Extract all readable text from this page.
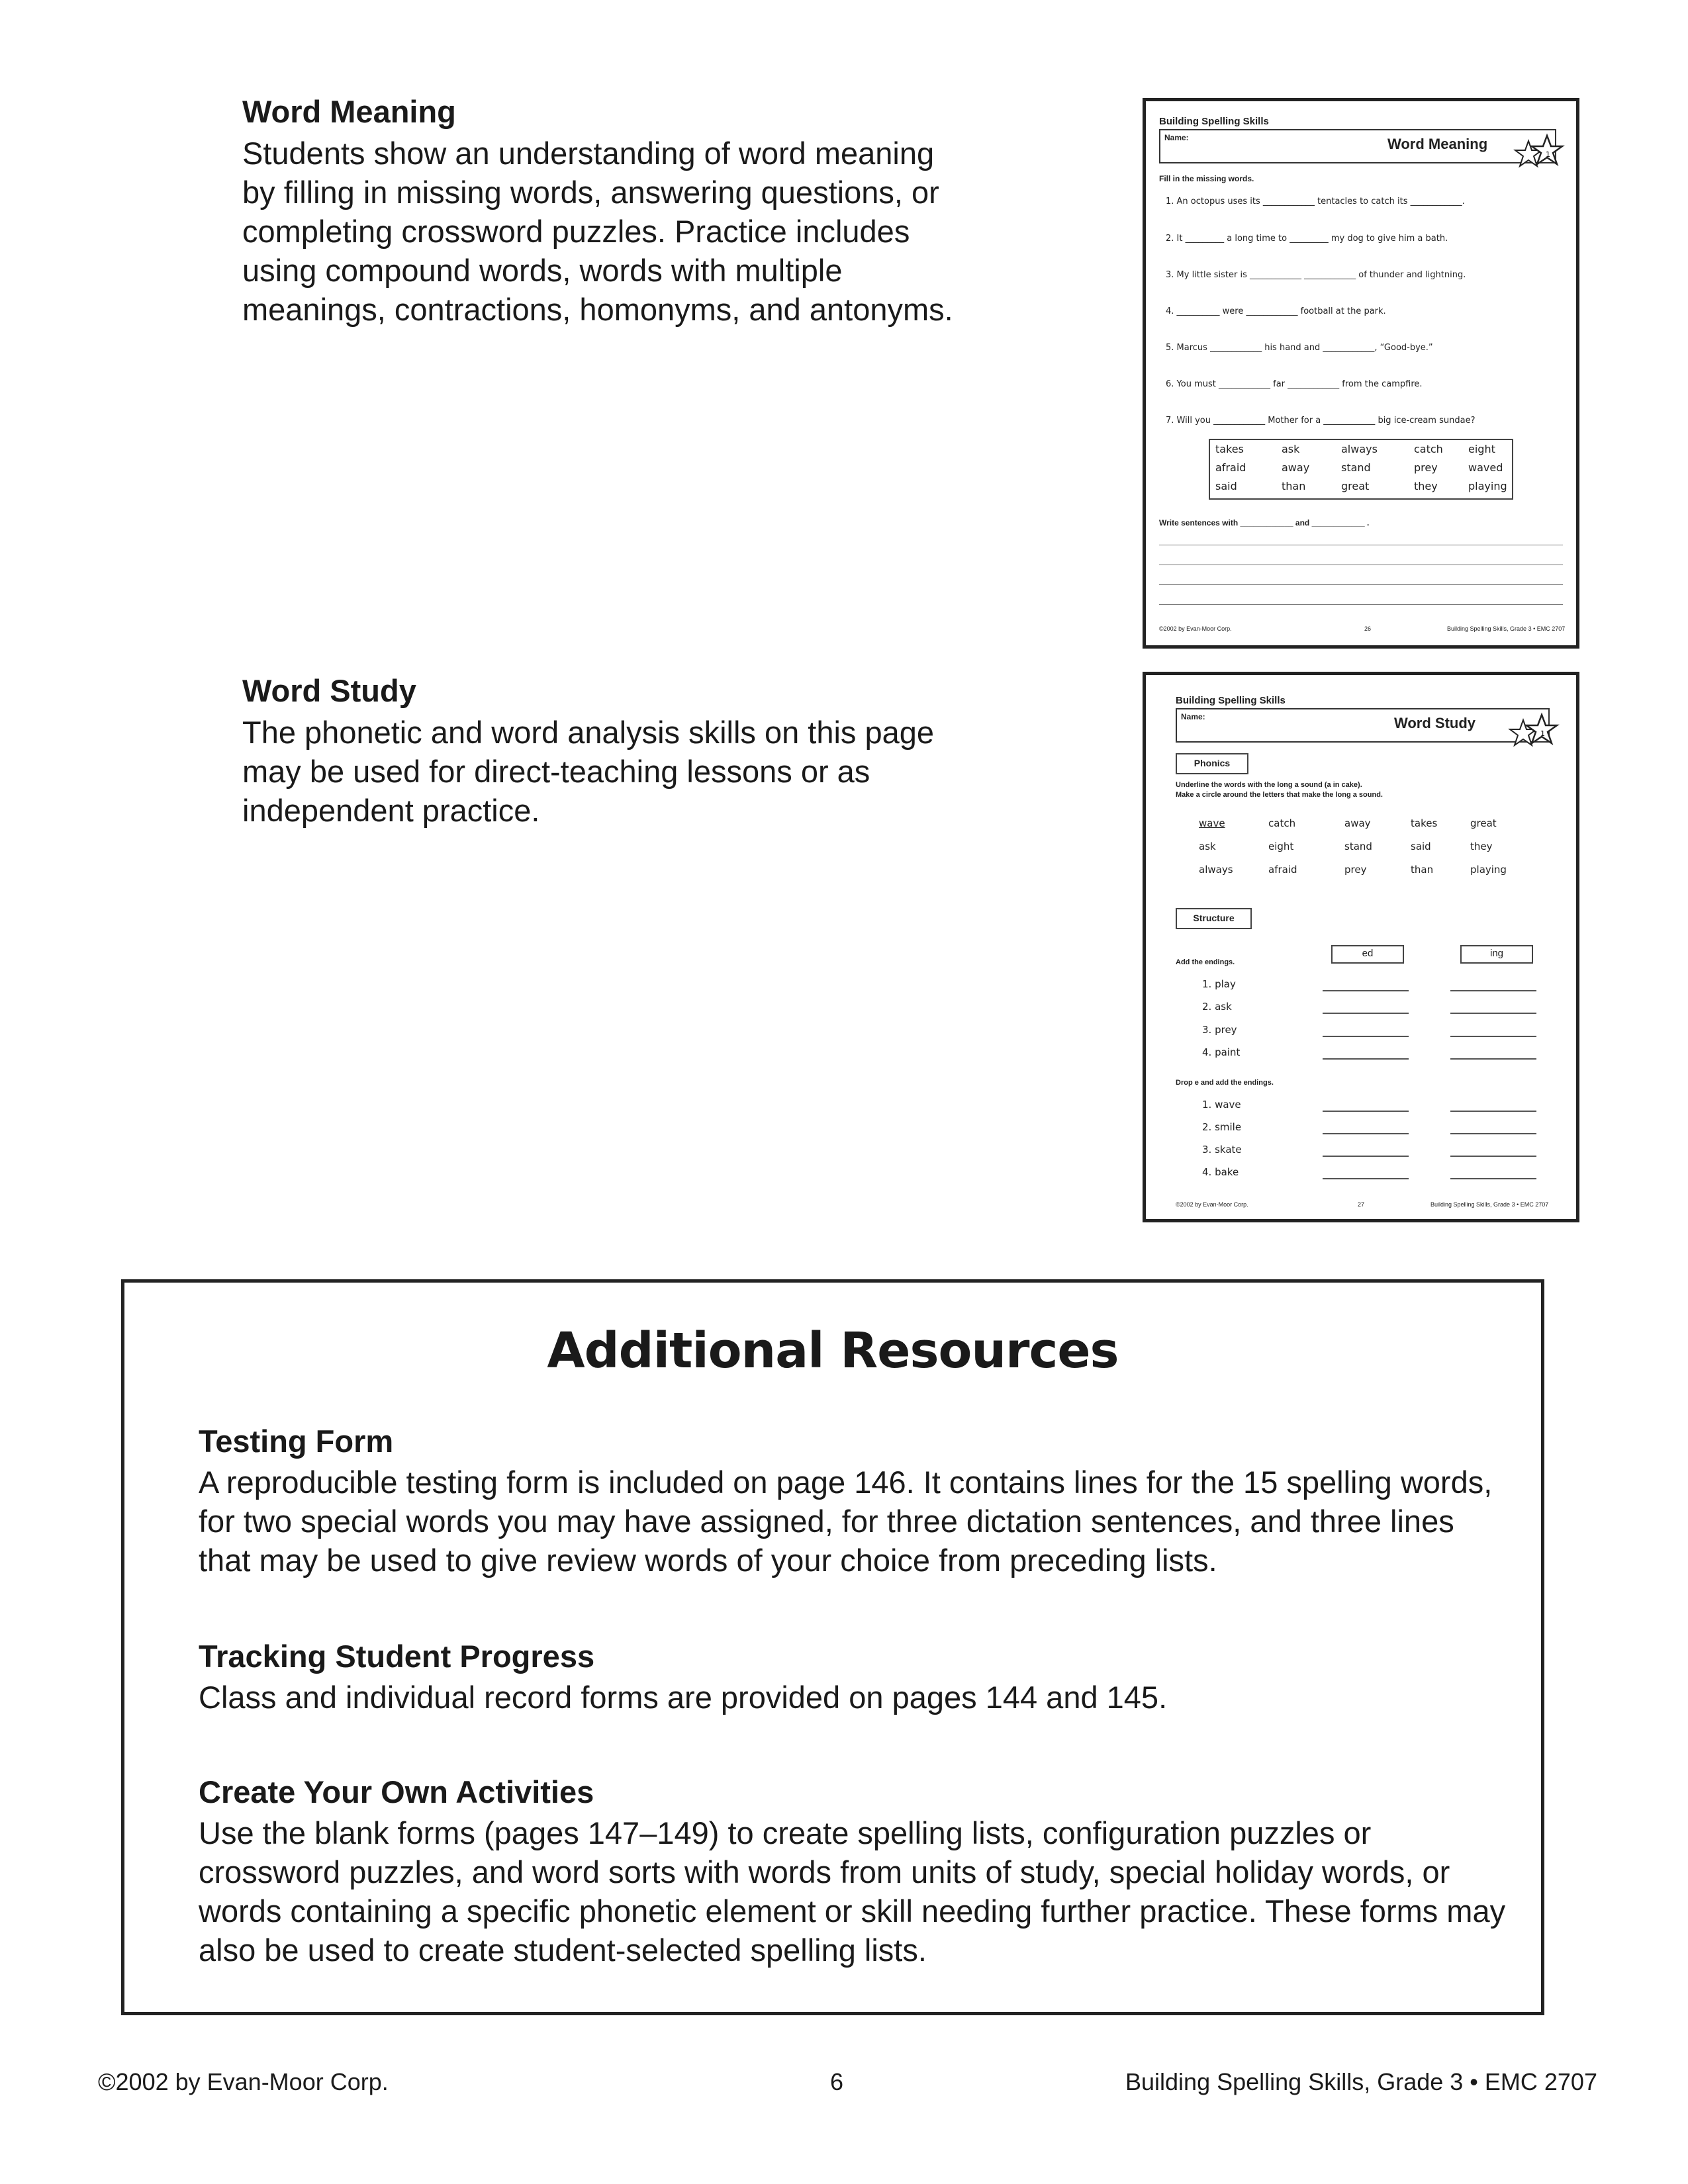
Word Meaning

Students show an understanding of word meaning by filling in missing words, answering questions, or completing crossword puzzles. Practice includes using compound words, words with multiple meanings, contractions, homonyms, and antonyms.

Word Study

The phonetic and word analysis skills on this page may be used for direct-teaching lessons or as independent practice.

Building Spelling Skills
Name:	Word Meaning
1
Fill in the missing words.
1. An octopus uses its ____________ tentacles to catch its ____________.
2. It _________ a long time to _________ my dog to give him a bath.
3. My little sister is ____________ ____________ of thunder and lightning.
4. __________ were ____________ football at the park.
5. Marcus ____________ his hand and ____________, “Good-bye.”
6. You must ____________ far ____________ from the campfire.
7. Will you ____________ Mother for a ____________ big ice-cream sundae?
takes	ask	always	catch eight
afraid	away	stand	prey	waved
said	than	great	they	playing
Write sentences with ____________ and ____________ .
©2002 by Evan-Moor Corp.	26	Building Spelling Skills, Grade 3 • EMC 2707
Building Spelling Skills
Name:	Word Study
1
Phonics
Underline the words with the long a sound (a in cake).
Make a circle around the letters that make the long a sound.
wave	catch	away	takes	great
ask	eight	stand	said	they
always	afraid	prey	than	playing
Structure
Add the endings.
ed	ing
1. play
2. ask
3. prey
4. paint
Drop e and add the endings.
1. wave
2. smile
3. skate
4. bake
©2002 by Evan-Moor Corp.	27	Building Spelling Skills, Grade 3 • EMC 2707
Additional Resources
Testing Form

A reproducible testing form is included on page 146. It contains lines for the 15 spelling words, for two special words you may have assigned, for three dictation sentences, and three lines that may be used to give review words of your choice from preceding lists.

Tracking Student Progress

Class and individual record forms are provided on pages 144 and 145.

Create Your Own Activities

Use the blank forms (pages 147–149) to create spelling lists, configuration puzzles or crossword puzzles, and word sorts with words from units of study, special holiday words, or words containing a specific phonetic element or skill needing further practice. These forms may also be used to create student-selected spelling lists.

©2002 by Evan-Moor Corp.	6	Building Spelling Skills, Grade 3 • EMC 2707
